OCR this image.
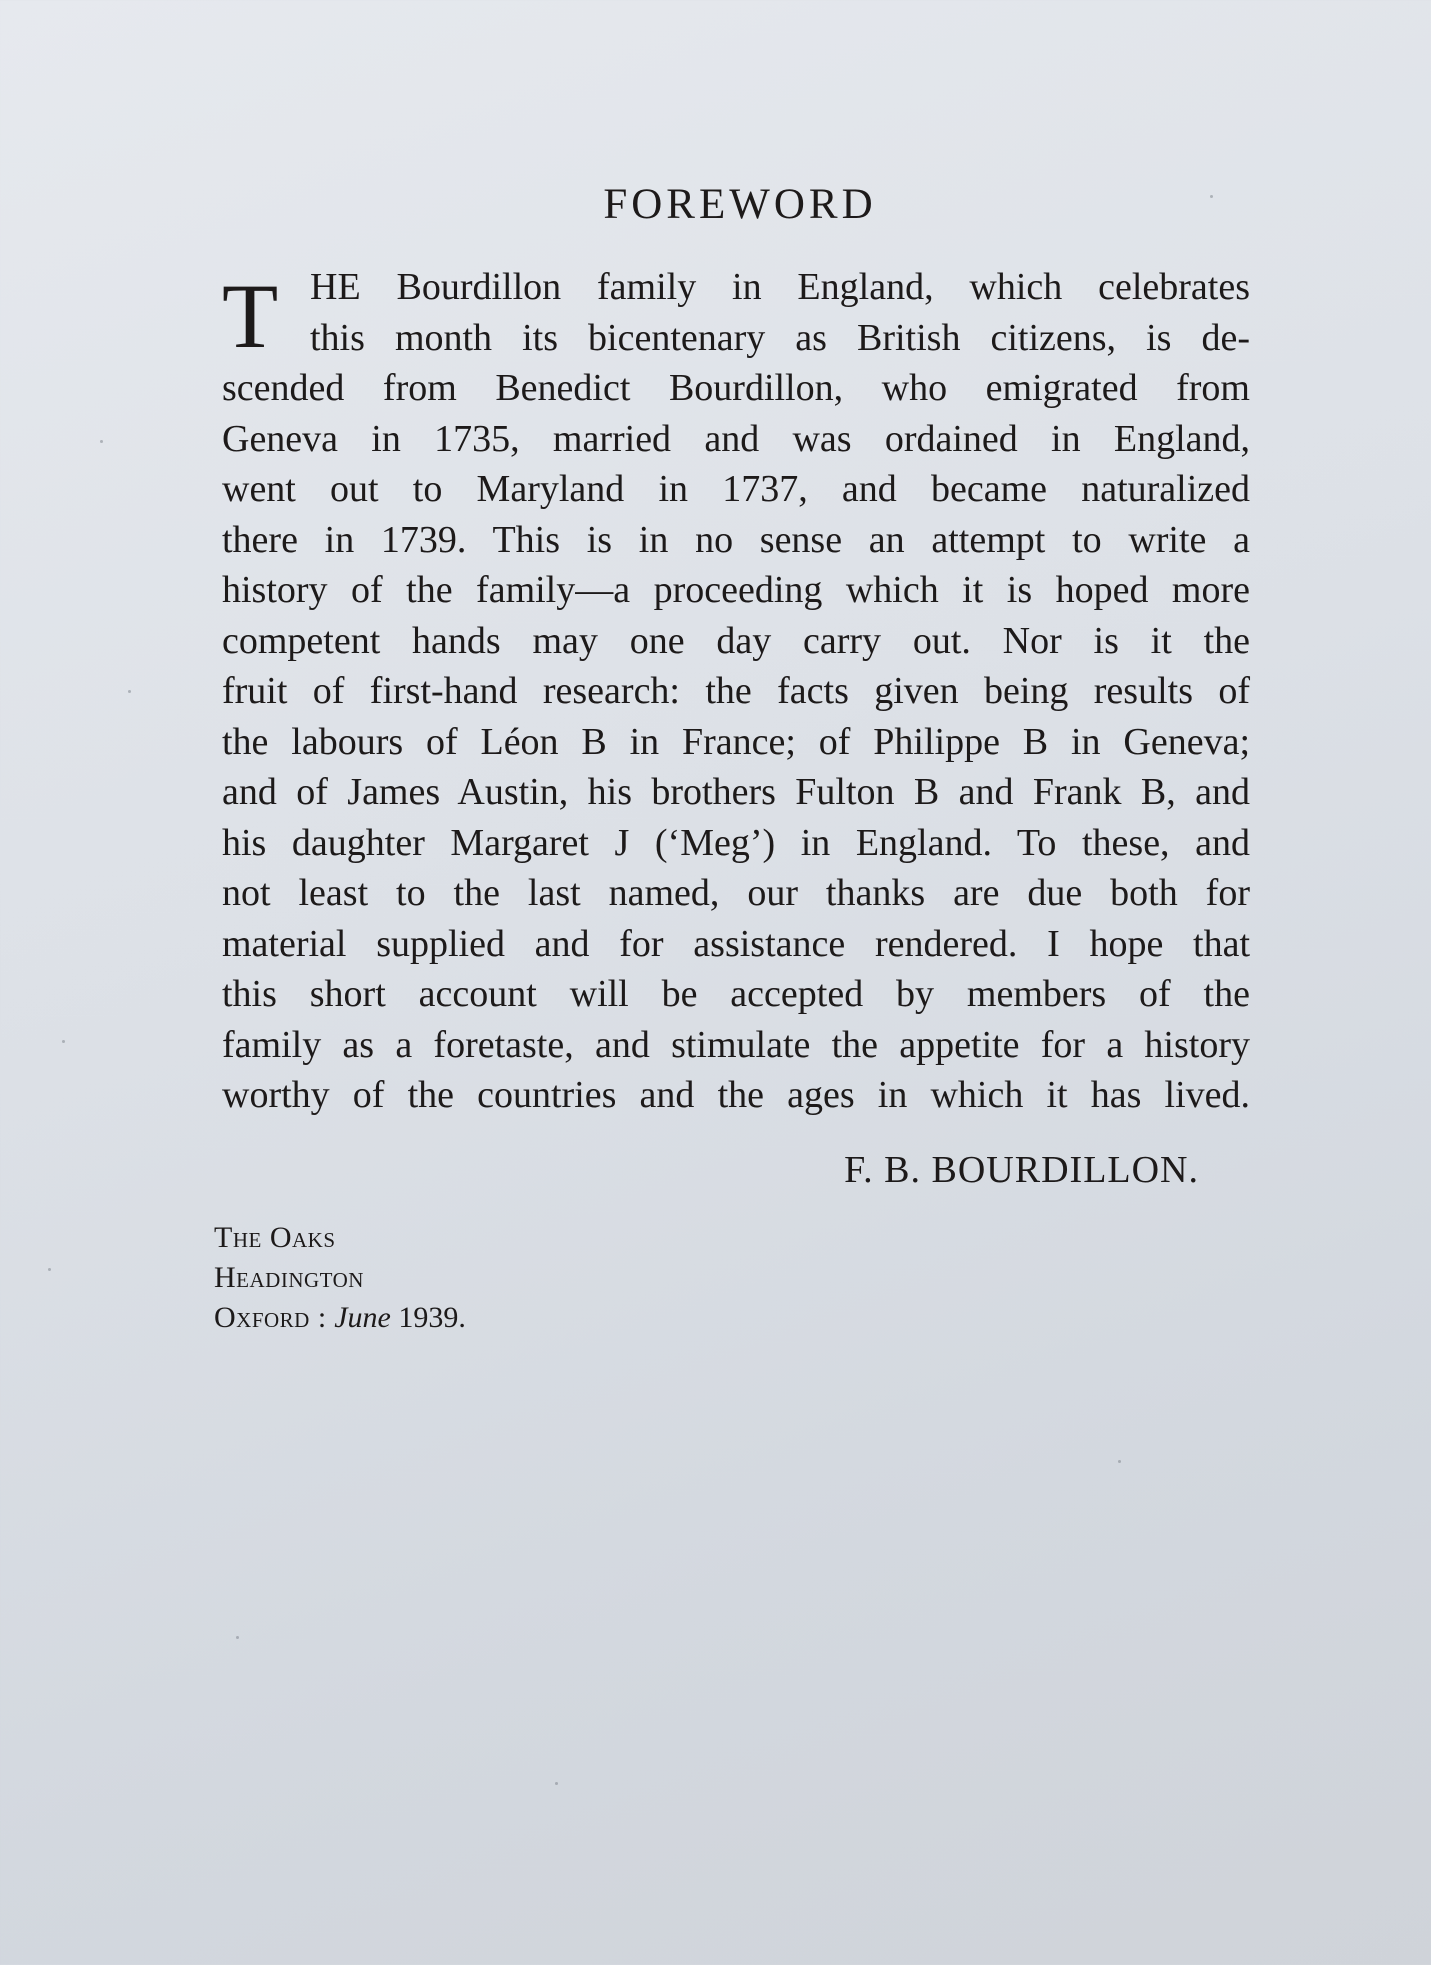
FOREWORD
T HE Bourdillon family in England, which celebrates
this month its bicentenary as British citizens, is de-
scended from Benedict Bourdillon, who emigrated from
Geneva in 1735, married and was ordained in England,
went out to Maryland in 1737, and became naturalized
there in 1739. This is in no sense an attempt to write a
history of the family—a proceeding which it is hoped more
competent hands may one day carry out. Nor is it the
fruit of first-hand research: the facts given being results of
the labours of Léon B in France; of Philippe B in Geneva;
and of James Austin, his brothers Fulton B and Frank B, and
his daughter Margaret J (‘Meg’) in England. To these, and
not least to the last named, our thanks are due both for
material supplied and for assistance rendered. I hope that
this short account will be accepted by members of the
family as a foretaste, and stimulate the appetite for a history
worthy of the countries and the ages in which it has lived.
F. B. BOURDILLON.
The Oaks
Headington
Oxford : June 1939.
